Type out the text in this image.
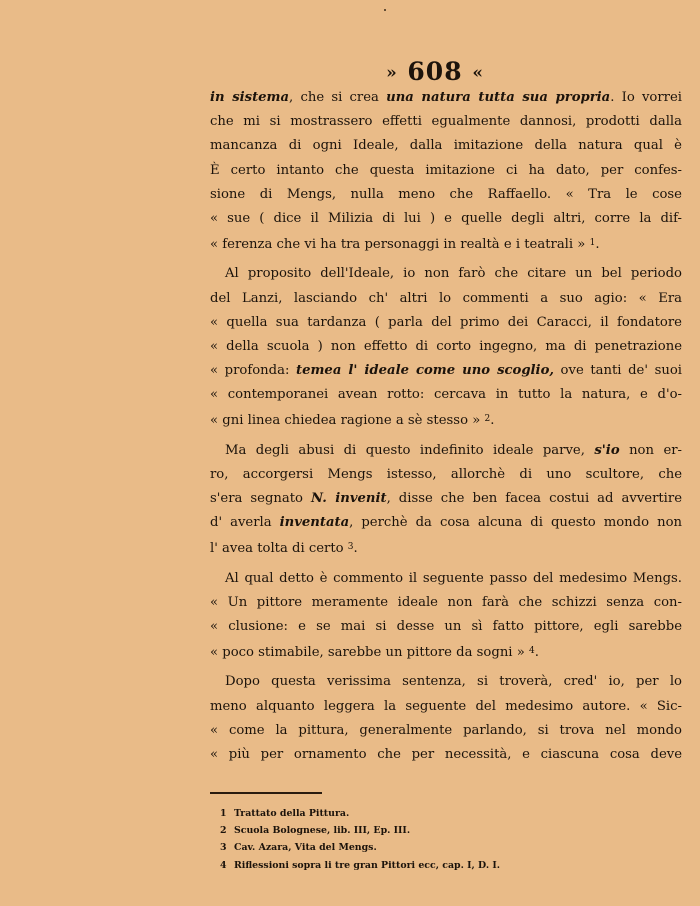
» 608 «
in sistema, che si crea una natura tutta sua propria. Io vorrei
che mi si mostrassero effetti egualmente dannosi, prodotti dalla
mancanza di ogni Ideale, dalla imitazione della natura qual è
È certo intanto che questa imitazione ci ha dato, per confes-
sione di Mengs, nulla meno che Raffaello. « Tra le cose
« sue ( dice il Milizia di lui ) e quelle degli altri, corre la dif-
« ferenza che vi ha tra personaggi in realtà e i teatrali » $^1$.
Al proposito dell'Ideale, io non farò che citare un bel periodo
del Lanzi, lasciando ch' altri lo commenti a suo agio: « Era
« quella sua tardanza ( parla del primo dei Caracci, il fondatore
« della scuola ) non effetto di corto ingegno, ma di penetrazione
« profonda: temea l' ideale come uno scoglio, ove tanti de' suoi
« contemporanei avean rotto: cercava in tutto la natura, e d'o-
« gni linea chiedea ragione a sè stesso » $^2$.
Ma degli abusi di questo indefinito ideale parve, s'io non er-
ro, accorgersi Mengs istesso, allorchè di uno scultore, che
s'era segnato N. invenit, disse che ben facea costui ad avvertire
d' averla inventata, perchè da cosa alcuna di questo mondo non
l' avea tolta di certo $^3$.
Al qual detto è commento il seguente passo del medesimo Mengs.
« Un pittore meramente ideale non farà che schizzi senza con-
« clusione: e se mai si desse un sì fatto pittore, egli sarebbe
« poco stimabile, sarebbe un pittore da sogni » $^4$.
Dopo questa verissima sentenza, si troverà, cred' io, per lo
meno alquanto leggera la seguente del medesimo autore. « Sic-
« come la pittura, generalmente parlando, si trova nel mondo
« più per ornamento che per necessità, e ciascuna cosa deve
1 Trattato della Pittura.
2 Scuola Bolognese, lib. III, Ep. III.
3 Cav. Azara, Vita del Mengs.
4 Riflessioni sopra li tre gran Pittori ecc, cap. I, D. I.
